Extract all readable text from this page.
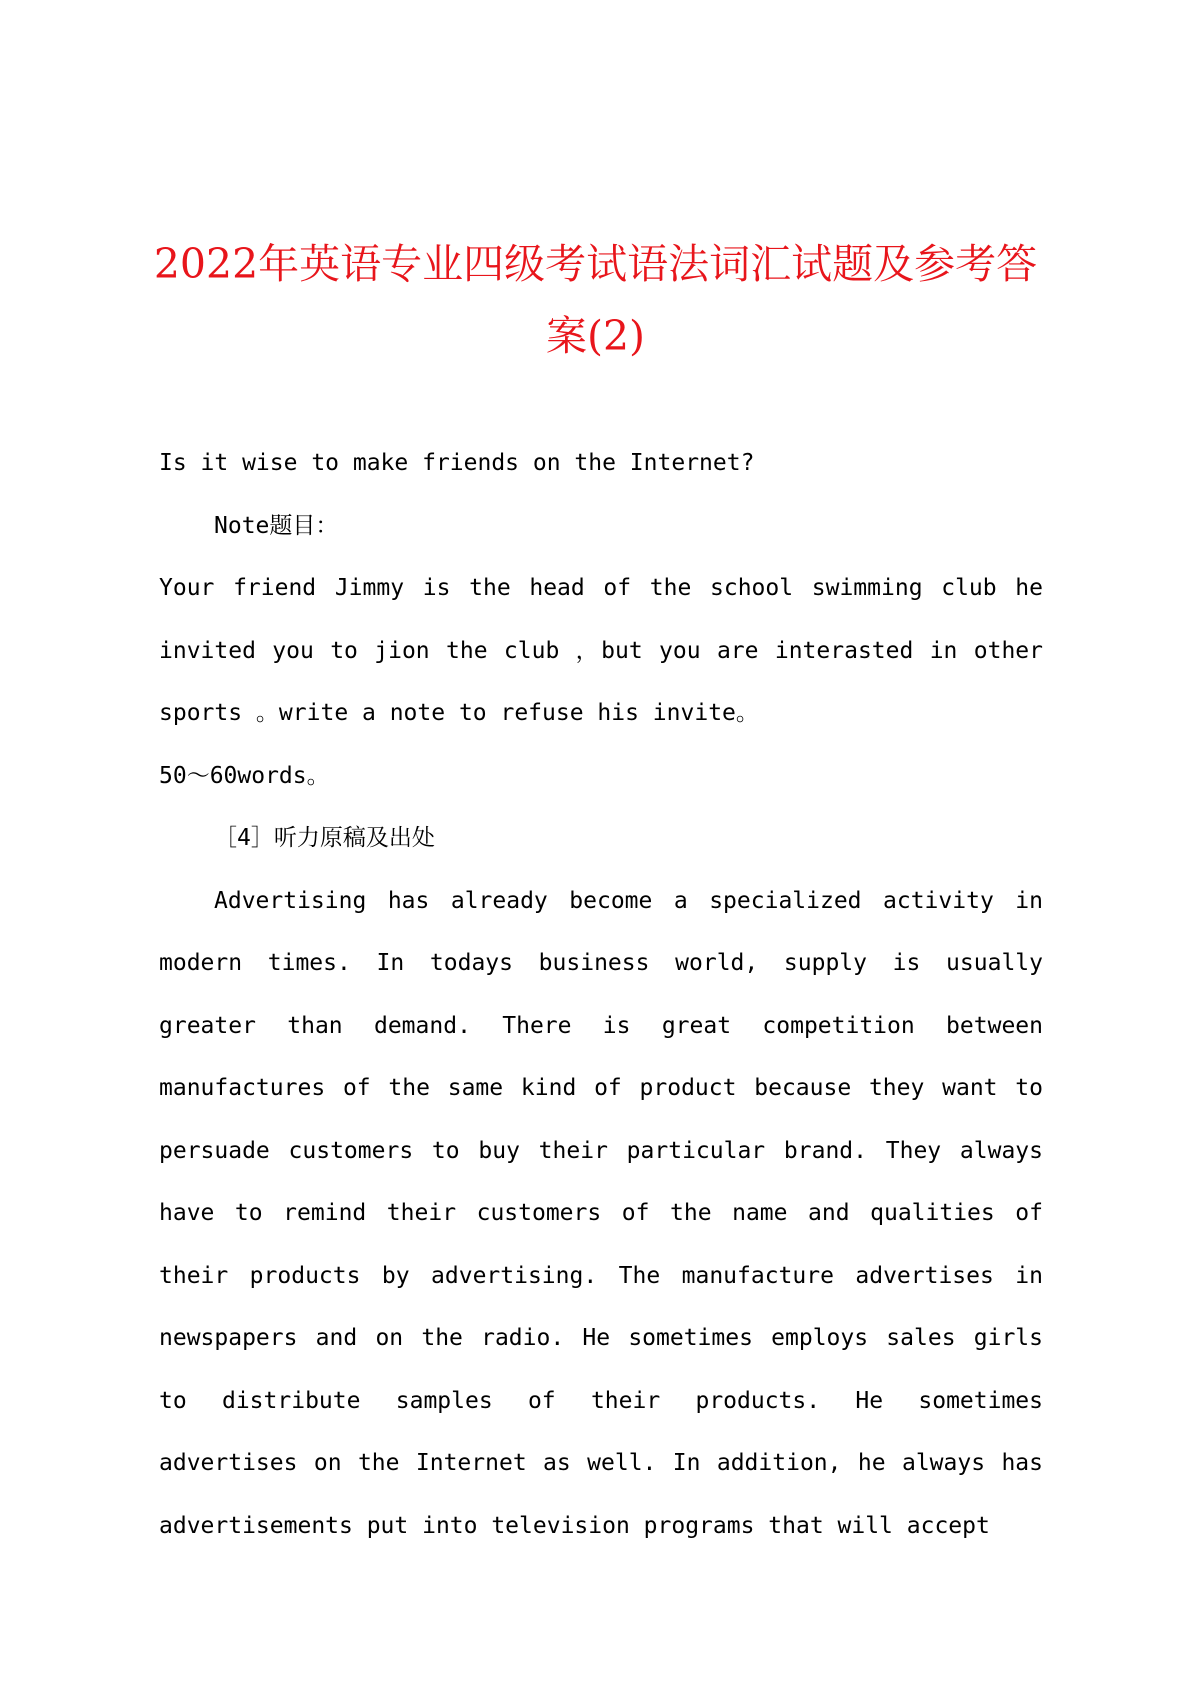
2022年英语专业四级考试语法词汇试题及参考答案(2)

Is it wise to make friends on the Internet?

Note题目：

Your friend Jimmy is the head of the school swimming club he invited you to jion the club ，but you are interasted in other sports 。write a note to refuse his invite。

50～60words。

［4］听力原稿及出处

Advertising has already become a specialized activity in modern times. In todays business world, supply is usually greater than demand. There is great competition between manufactures of the same kind of product because they want to persuade customers to buy their particular brand. They always have to remind their customers of the name and qualities of their products by advertising. The manufacture advertises in newspapers and on the radio. He sometimes employs sales girls to distribute samples of their products. He sometimes advertises on the Internet as well. In addition, he always has advertisements put into television programs that will accept
